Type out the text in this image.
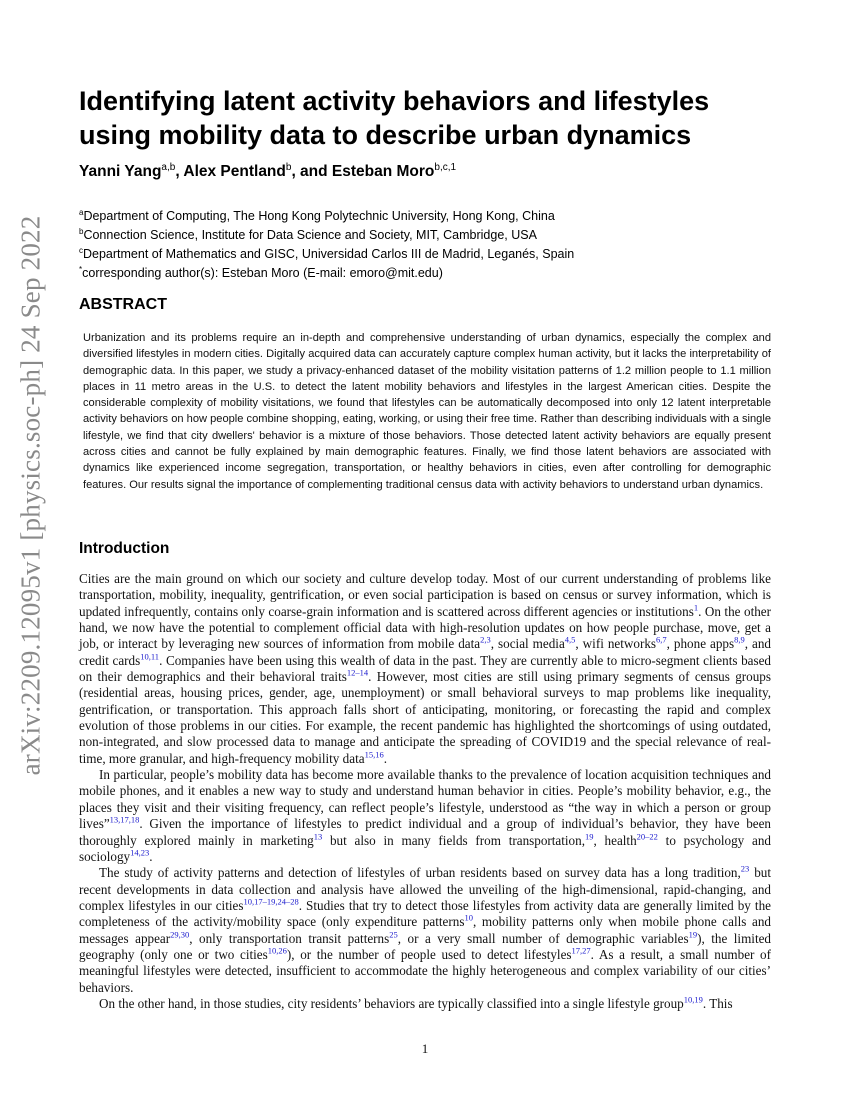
arXiv:2209.12095v1 [physics.soc-ph] 24 Sep 2022
Identifying latent activity behaviors and lifestyles using mobility data to describe urban dynamics
Yanni Yang$^{a,b}$, Alex Pentland$^b$, and Esteban Moro$^{b,c,1}$
$^a$Department of Computing, The Hong Kong Polytechnic University, Hong Kong, China
$^b$Connection Science, Institute for Data Science and Society, MIT, Cambridge, USA
$^c$Department of Mathematics and GISC, Universidad Carlos III de Madrid, Leganés, Spain
*corresponding author(s): Esteban Moro (E-mail: emoro@mit.edu)
ABSTRACT

Urbanization and its problems require an in-depth and comprehensive understanding of urban dynamics, especially the complex and diversified lifestyles in modern cities. Digitally acquired data can accurately capture complex human activity, but it lacks the interpretability of demographic data. In this paper, we study a privacy-enhanced dataset of the mobility visitation patterns of 1.2 million people to 1.1 million places in 11 metro areas in the U.S. to detect the latent mobility behaviors and lifestyles in the largest American cities. Despite the considerable complexity of mobility visitations, we found that lifestyles can be automatically decomposed into only 12 latent interpretable activity behaviors on how people combine shopping, eating, working, or using their free time. Rather than describing individuals with a single lifestyle, we find that city dwellers' behavior is a mixture of those behaviors. Those detected latent activity behaviors are equally present across cities and cannot be fully explained by main demographic features. Finally, we find those latent behaviors are associated with dynamics like experienced income segregation, transportation, or healthy behaviors in cities, even after controlling for demographic features. Our results signal the importance of complementing traditional census data with activity behaviors to understand urban dynamics.

Introduction

Cities are the main ground on which our society and culture develop today. Most of our current understanding of problems like transportation, mobility, inequality, gentrification, or even social participation is based on census or survey information, which is updated infrequently, contains only coarse-grain information and is scattered across different agencies or institutions$^1$. On the other hand, we now have the potential to complement official data with high-resolution updates on how people purchase, move, get a job, or interact by leveraging new sources of information from mobile data$^{2,3}$, social media$^{4,5}$, wifi networks$^{6,7}$, phone apps$^{8,9}$, and credit cards$^{10,11}$. Companies have been using this wealth of data in the past. They are currently able to micro-segment clients based on their demographics and their behavioral traits$^{12-14}$. However, most cities are still using primary segments of census groups (residential areas, housing prices, gender, age, unemployment) or small behavioral surveys to map problems like inequality, gentrification, or transportation. This approach falls short of anticipating, monitoring, or forecasting the rapid and complex evolution of those problems in our cities. For example, the recent pandemic has highlighted the shortcomings of using outdated, non-integrated, and slow processed data to manage and anticipate the spreading of COVID19 and the special relevance of real-time, more granular, and high-frequency mobility data$^{15,16}$.

In particular, people’s mobility data has become more available thanks to the prevalence of location acquisition techniques and mobile phones, and it enables a new way to study and understand human behavior in cities. People’s mobility behavior, e.g., the places they visit and their visiting frequency, can reflect people’s lifestyle, understood as “the way in which a person or group lives”$^{13,17,18}$. Given the importance of lifestyles to predict individual and a group of individual’s behavior, they have been thoroughly explored mainly in marketing$^{13}$ but also in many fields from transportation,$^{19}$, health$^{20-22}$ to psychology and sociology$^{14,23}$.

The study of activity patterns and detection of lifestyles of urban residents based on survey data has a long tradition,$^{23}$ but recent developments in data collection and analysis have allowed the unveiling of the high-dimensional, rapid-changing, and complex lifestyles in our cities$^{10,17-19,24-28}$. Studies that try to detect those lifestyles from activity data are generally limited by the completeness of the activity/mobility space (only expenditure patterns$^{10}$, mobility patterns only when mobile phone calls and messages appear$^{29,30}$, only transportation transit patterns$^{25}$, or a very small number of demographic variables$^{19}$), the limited geography (only one or two cities$^{10,26}$), or the number of people used to detect lifestyles$^{17,27}$. As a result, a small number of meaningful lifestyles were detected, insufficient to accommodate the highly heterogeneous and complex variability of our cities’ behaviors.

On the other hand, in those studies, city residents’ behaviors are typically classified into a single lifestyle group$^{10,19}$. This

1
